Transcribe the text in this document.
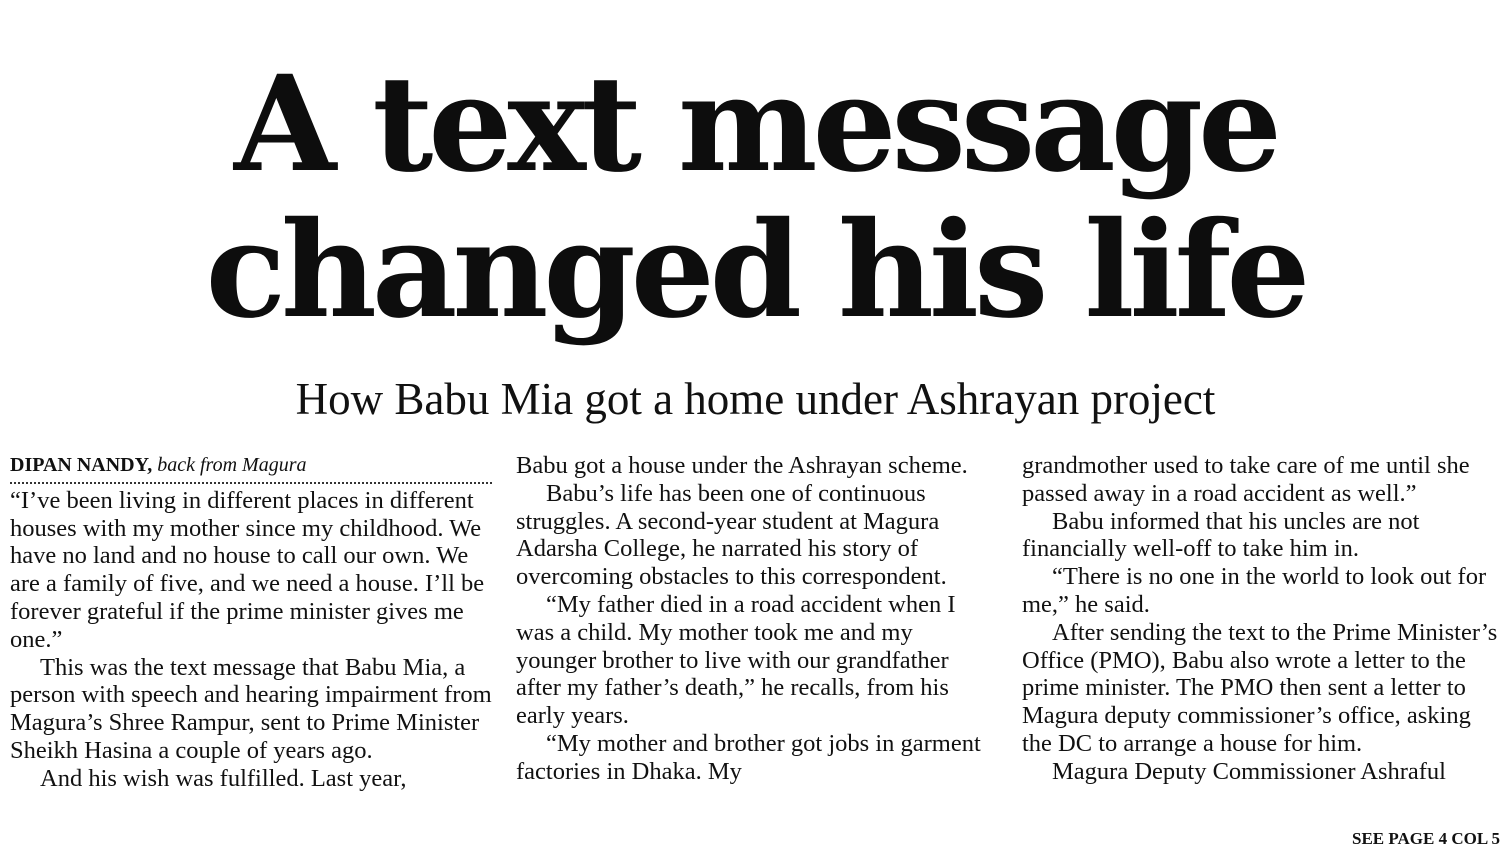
A text message
changed his life
How Babu Mia got a home under Ashrayan project
DIPAN NANDY, back from Magura

“I’ve been living in different places in different houses with my mother since my childhood. We have no land and no house to call our own. We are a family of five, and we need a house. I’ll be forever grateful if the prime minister gives me one.”

This was the text message that Babu Mia, a person with speech and hearing impairment from Magura’s Shree Rampur, sent to Prime Minister Sheikh Hasina a couple of years ago.

And his wish was fulfilled. Last year,

Babu got a house under the Ashrayan scheme.

Babu’s life has been one of continuous struggles. A second-year student at Magura Adarsha College, he narrated his story of overcoming obstacles to this correspondent.

“My father died in a road accident when I was a child. My mother took me and my younger brother to live with our grandfather after my father’s death,” he recalls, from his early years.

“My mother and brother got jobs in garment factories in Dhaka. My

grandmother used to take care of me until she passed away in a road accident as well.”

Babu informed that his uncles are not financially well-off to take him in.

“There is no one in the world to look out for me,” he said.

After sending the text to the Prime Minister’s Office (PMO), Babu also wrote a letter to the prime minister. The PMO then sent a letter to Magura deputy commissioner’s office, asking the DC to arrange a house for him.

Magura Deputy Commissioner Ashraful

SEE PAGE 4 COL 5
